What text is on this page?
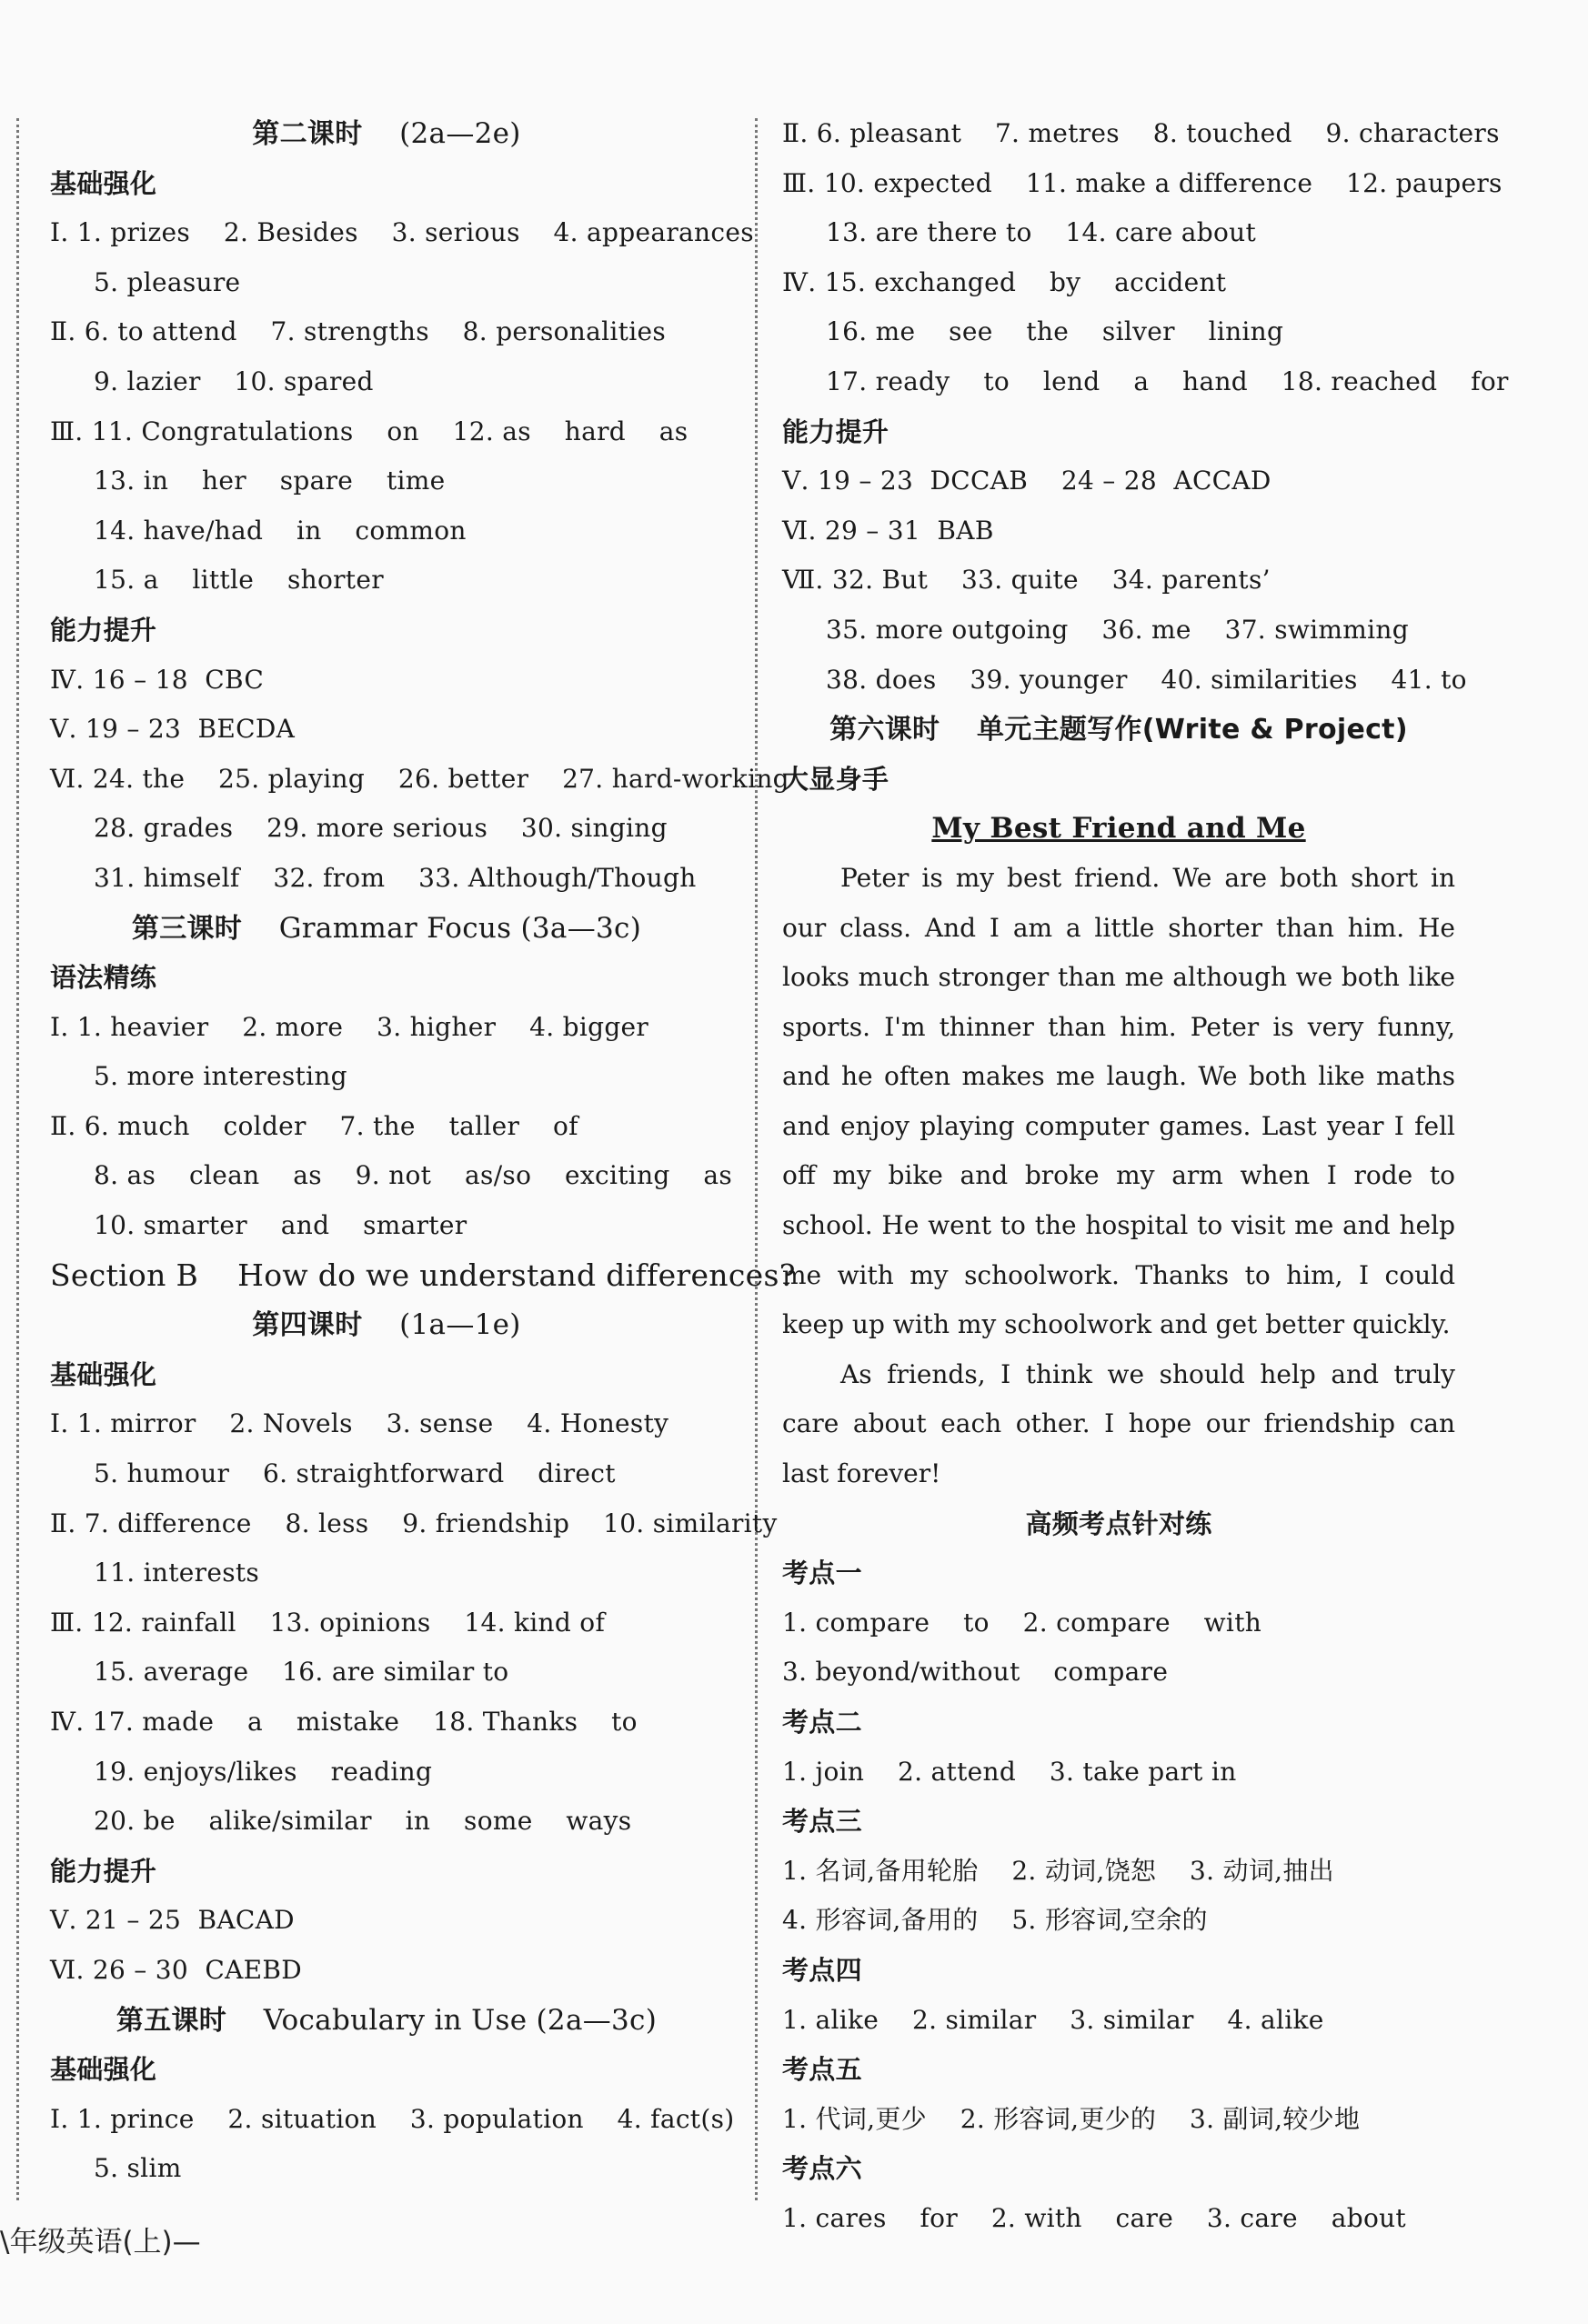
第二课时 (2a—2e)
基础强化
Ⅰ. 1. prizes    2. Besides    3. serious    4. appearances
5. pleasure
Ⅱ. 6. to attend    7. strengths    8. personalities
9. lazier    10. spared
Ⅲ. 11. Congratulations    on    12. as    hard    as
13. in    her    spare    time
14. have/had    in    common
15. a    little    shorter
能力提升
Ⅳ. 16 – 18  CBC
Ⅴ. 19 – 23  BECDA
Ⅵ. 24. the    25. playing    26. better    27. hard-working
28. grades    29. more serious    30. singing
31. himself    32. from    33. Although/Though
第三课时 Grammar Focus (3a—3c)
语法精练
Ⅰ. 1. heavier    2. more    3. higher    4. bigger
5. more interesting
Ⅱ. 6. much    colder    7. the    taller    of
8. as    clean    as    9. not    as/so    exciting    as
10. smarter    and    smarter
Section B    How do we understand differences?
第四课时 (1a—1e)
基础强化
Ⅰ. 1. mirror    2. Novels    3. sense    4. Honesty
5. humour    6. straightforward    direct
Ⅱ. 7. difference    8. less    9. friendship    10. similarity
11. interests
Ⅲ. 12. rainfall    13. opinions    14. kind of
15. average    16. are similar to
Ⅳ. 17. made    a    mistake    18. Thanks    to
19. enjoys/likes    reading
20. be    alike/similar    in    some    ways
能力提升
Ⅴ. 21 – 25  BACAD
Ⅵ. 26 – 30  CAEBD
第五课时 Vocabulary in Use (2a—3c)
基础强化
Ⅰ. 1. prince    2. situation    3. population    4. fact(s)
5. slim
Ⅱ. 6. pleasant    7. metres    8. touched    9. characters
Ⅲ. 10. expected    11. make a difference    12. paupers
13. are there to    14. care about
Ⅳ. 15. exchanged    by    accident
16. me    see    the    silver    lining
17. ready    to    lend    a    hand    18. reached    for
能力提升
Ⅴ. 19 – 23  DCCAB    24 – 28  ACCAD
Ⅵ. 29 – 31  BAB
Ⅶ. 32. But    33. quite    34. parents’
35. more outgoing    36. me    37. swimming
38. does    39. younger    40. similarities    41. to
第六课时 单元主题写作(Write & Project)
大显身手
My Best Friend and Me

Peter is my best friend. We are both short in our class. And I am a little shorter than him. He looks much stronger than me although we both like sports. I'm thinner than him. Peter is very funny, and he often makes me laugh. We both like maths and enjoy playing computer games. Last year I fell off my bike and broke my arm when I rode to school. He went to the hospital to visit me and help me with my schoolwork. Thanks to him, I could keep up with my schoolwork and get better quickly.

As friends, I think we should help and truly care about each other. I hope our friendship can last forever!

高频考点针对练
考点一
1. compare    to    2. compare    with
3. beyond/without    compare
考点二
1. join    2. attend    3. take part in
考点三
1. 名词,备用轮胎    2. 动词,饶恕    3. 动词,抽出
4. 形容词,备用的    5. 形容词,空余的
考点四
1. alike    2. similar    3. similar    4. alike
考点五
1. 代词,更少    2. 形容词,更少的    3. 副词,较少地
考点六
1. cares    for    2. with    care    3. care    about
\年级英语(上)—
